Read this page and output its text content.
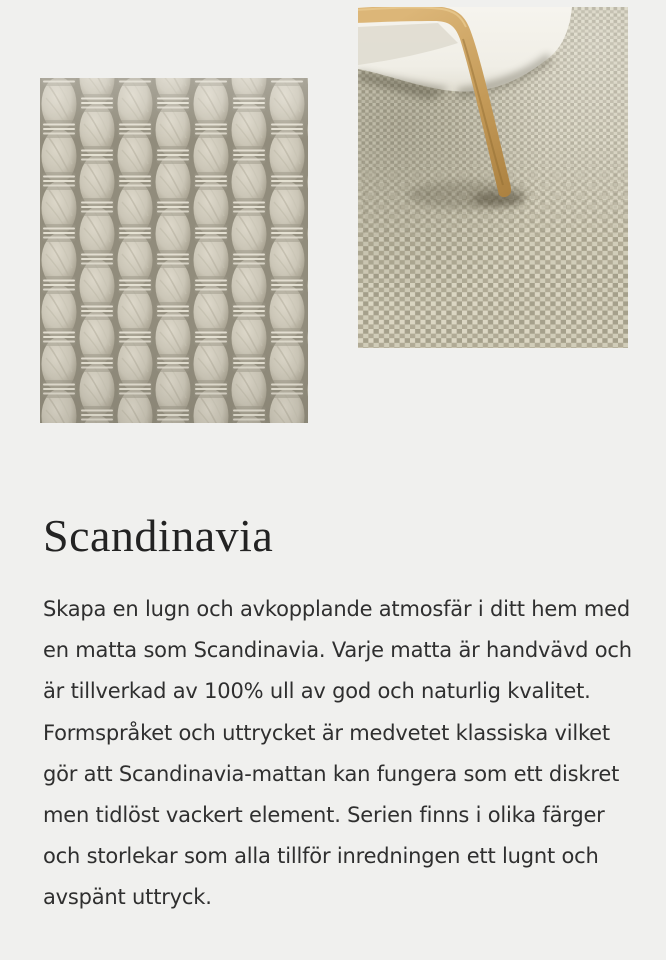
Scandinavia
Skapa en lugn och avkopplande atmosfär i ditt hem med
en matta som Scandinavia. Varje matta är handvävd och
är tillverkad av 100% ull av god och naturlig kvalitet.
Formspråket och uttrycket är medvetet klassiska vilket
gör att Scandinavia-mattan kan fungera som ett diskret
men tidlöst vackert element. Serien finns i olika färger
och storlekar som alla tillför inredningen ett lugnt och
avspänt uttryck.
